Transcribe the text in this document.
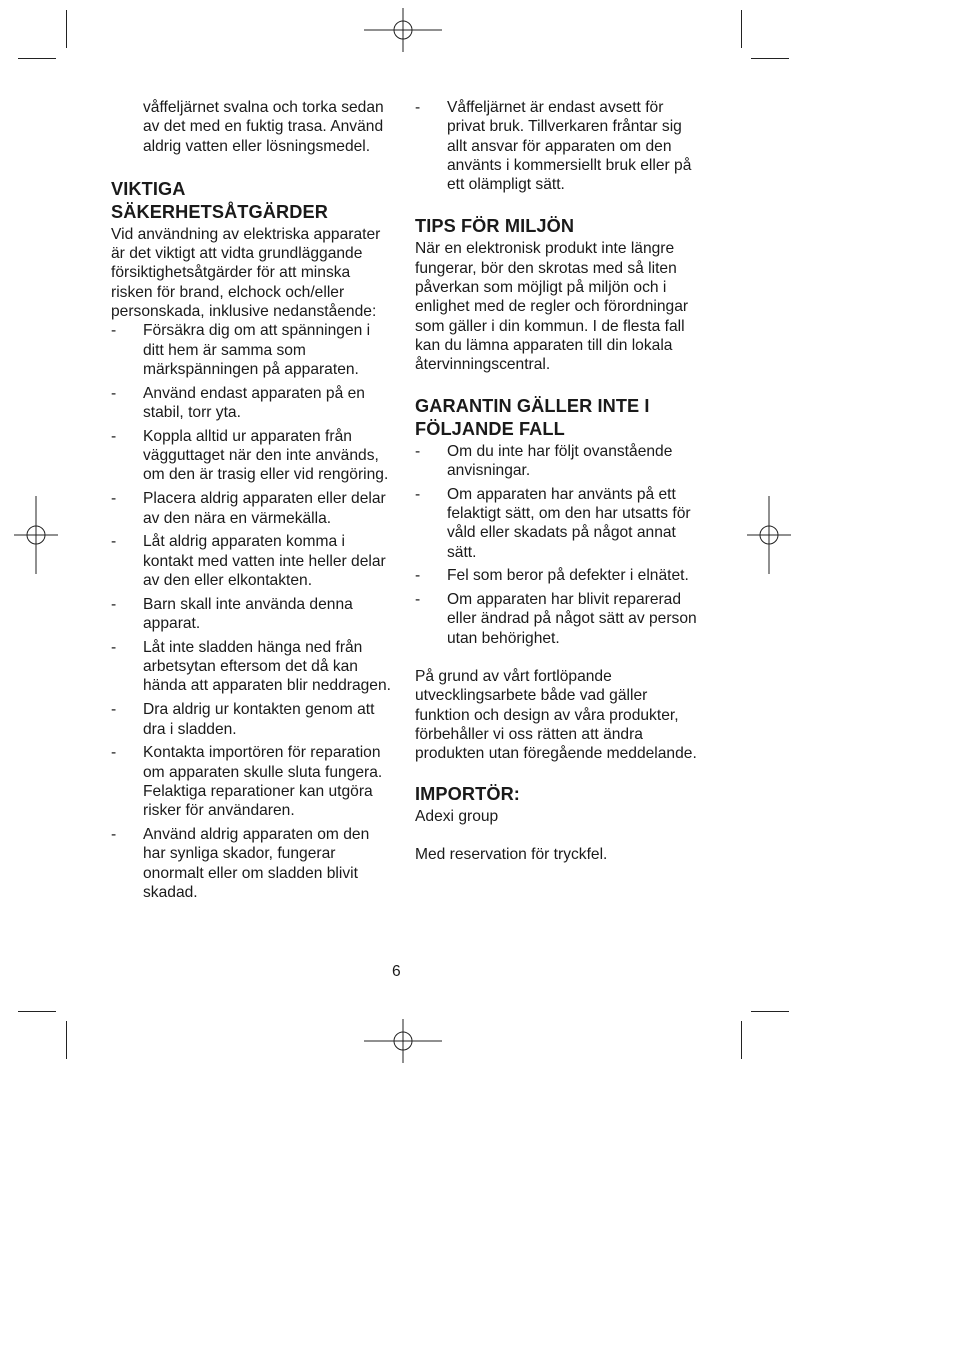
våffeljärnet svalna och torka sedan av det med en fuktig trasa. Använd aldrig vatten eller lösningsmedel.

VIKTIGA SÄKERHETSÅTGÄRDER

Vid användning av elektriska apparater är det viktigt att vidta grundläggande försiktighetsåtgärder för att minska risken för brand, elchock och/eller personskada, inklusive nedanstående:

- Försäkra dig om att spänningen i ditt hem är samma som märkspänningen på apparaten.
- Använd endast apparaten på en stabil, torr yta.
- Koppla alltid ur apparaten från vägguttaget när den inte används, om den är trasig eller vid rengöring.
- Placera aldrig apparaten eller delar av den nära en värmekälla.
- Låt aldrig apparaten komma i kontakt med vatten inte heller delar av den eller elkontakten.
- Barn skall inte använda denna apparat.
- Låt inte sladden hänga ned från arbetsytan eftersom det då kan hända att apparaten blir neddragen.
- Dra aldrig ur kontakten genom att dra i sladden.
- Kontakta importören för reparation om apparaten skulle sluta fungera. Felaktiga reparationer kan utgöra risker för användaren.
- Använd aldrig apparaten om den har synliga skador, fungerar onormalt eller om sladden blivit skadad.
- Våffeljärnet är endast avsett för privat bruk. Tillverkaren fråntar sig allt ansvar för apparaten om den använts i kommersiellt bruk eller på ett olämpligt sätt.
TIPS FÖR MILJÖN

När en elektronisk produkt inte längre fungerar, bör den skrotas med så liten påverkan som möjligt på miljön och i enlighet med de regler och förordningar som gäller i din kommun. I de flesta fall kan du lämna apparaten till din lokala återvinningscentral.

GARANTIN GÄLLER INTE I FÖLJANDE FALL
- Om du inte har följt ovanstående anvisningar.
- Om apparaten har använts på ett felaktigt sätt, om den har utsatts för våld eller skadats på något annat sätt.
- Fel som beror på defekter i elnätet.
- Om apparaten har blivit reparerad eller ändrad på något sätt av person utan behörighet.

På grund av vårt fortlöpande utvecklingsarbete både vad gäller funktion och design av våra produkter, förbehåller vi oss rätten att ändra produkten utan föregående meddelande.

IMPORTÖR:

Adexi group

Med reservation för tryckfel.

6
